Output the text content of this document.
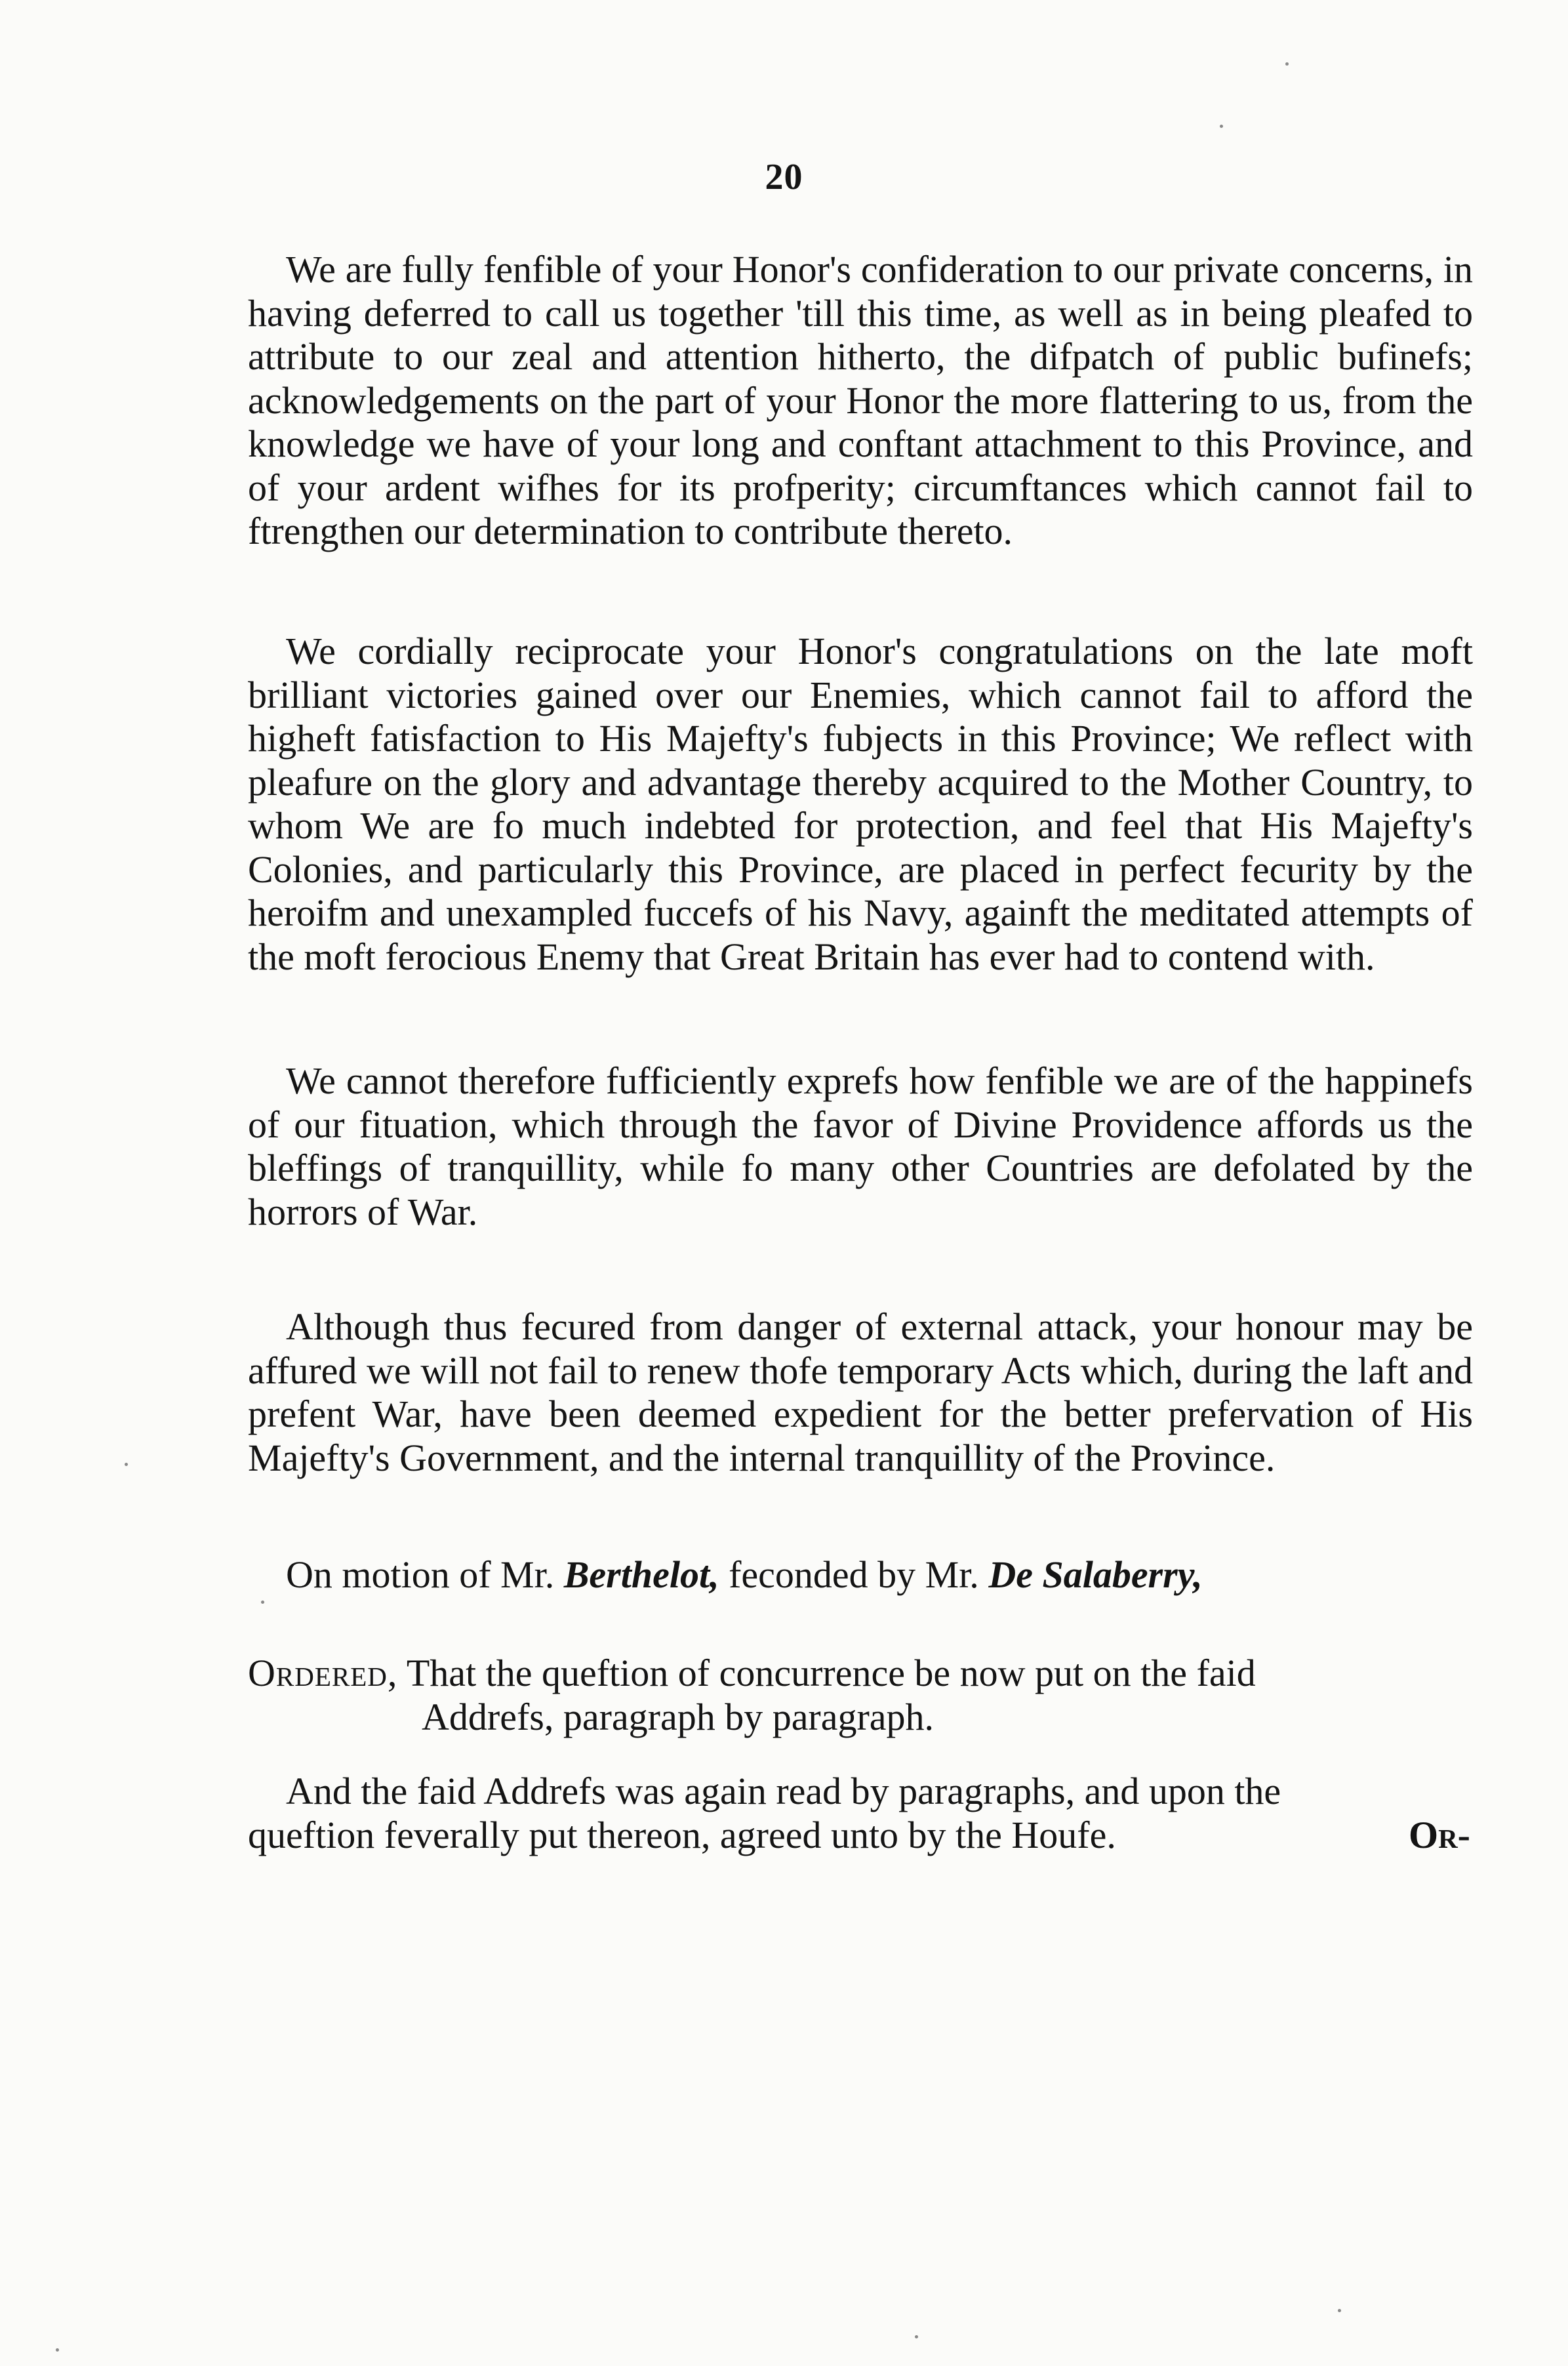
20

We are fully fenfible of your Honor's confideration to our private concerns, in having deferred to call us together 'till this time, as well as in being pleafed to attribute to our zeal and attention hitherto, the difpatch of public bufinefs; acknowledgements on the part of your Honor the more flattering to us, from the knowledge we have of your long and conftant attachment to this Province, and of your ardent wifhes for its profperity; circumftances which cannot fail to ftrengthen our determination to contribute thereto.

We cordially reciprocate your Honor's congratulations on the late moft brilliant victories gained over our Enemies, which cannot fail to afford the higheft fatisfaction to His Majefty's fubjects in this Province; We reflect with pleafure on the glory and advantage thereby acquired to the Mother Country, to whom We are fo much indebted for protection, and feel that His Majefty's Colonies, and particularly this Province, are placed in perfect fecurity by the heroifm and unexampled fuccefs of his Navy, againft the meditated attempts of the moft ferocious Enemy that Great Britain has ever had to contend with.

We cannot therefore fufficiently exprefs how fenfible we are of the happinefs of our fituation, which through the favor of Divine Providence affords us the bleffings of tranquillity, while fo many other Countries are defolated by the horrors of War.

Although thus fecured from danger of external attack, your honour may be affured we will not fail to renew thofe temporary Acts which, during the laft and prefent War, have been deemed expedient for the better prefervation of His Majefty's Government, and the internal tranquillity of the Province.

On motion of Mr. Berthelot, feconded by Mr. De Salaberry,
Ordered, That the queftion of concurrence be now put on the faid
Addrefs, paragraph by paragraph.
And the faid Addrefs was again read by paragraphs, and upon the
queftion feverally put thereon, agreed unto by the Houfe.	Or-
